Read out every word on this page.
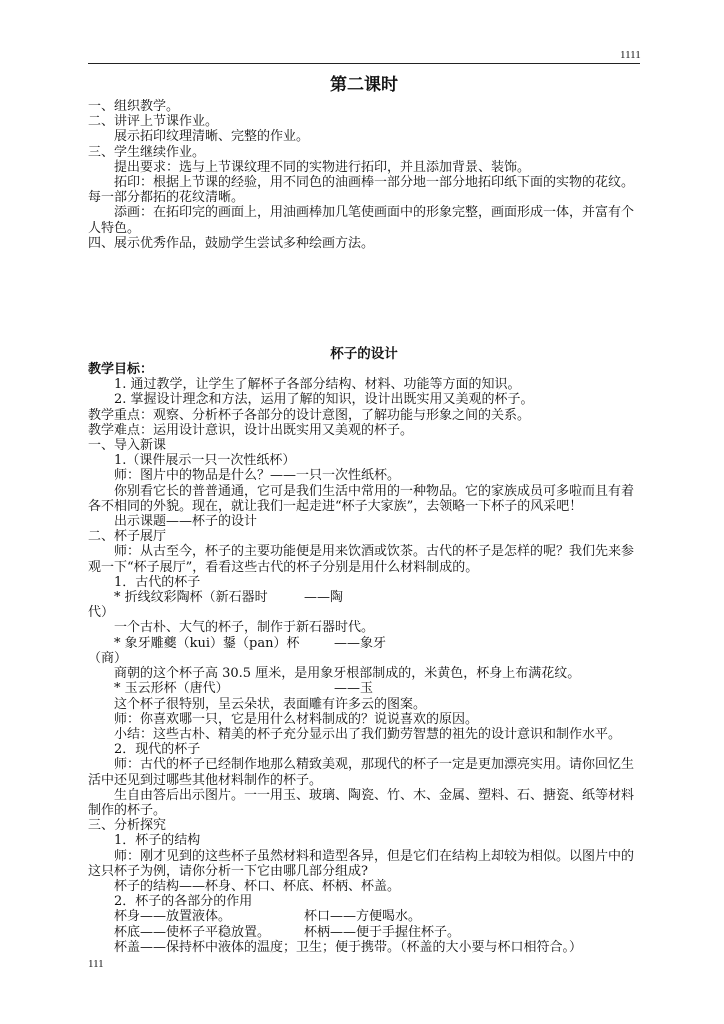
1111
第二课时

一、组织教学。

二、讲评上节课作业。

展示拓印纹理清晰、完整的作业。

三、学生继续作业。

提出要求：选与上节课纹理不同的实物进行拓印，并且添加背景、装饰。

拓印：根据上节课的经验，用不同色的油画棒一部分地一部分地拓印纸下面的实物的花纹。每一部分都拓的花纹清晰。

添画：在拓印完的画面上，用油画棒加几笔使画面中的形象完整，画面形成一体，并富有个人特色。

四、展示优秀作品，鼓励学生尝试多种绘画方法。

杯子的设计

教学目标：

1. 通过教学，让学生了解杯子各部分结构、材料、功能等方面的知识。

2. 掌握设计理念和方法，运用了解的知识，设计出既实用又美观的杯子。

教学重点：观察、分析杯子各部分的设计意图，了解功能与形象之间的关系。

教学难点：运用设计意识，设计出既实用又美观的杯子。

一、导入新课

1.（课件展示一只一次性纸杯）

师：图片中的物品是什么？——一只一次性纸杯。

你别看它长的普普通通，它可是我们生活中常用的一种物品。它的家族成员可多啦而且有着各不相同的外貌。现在，就让我们一起走进“杯子大家族”，去领略一下杯子的风采吧！

出示课题——杯子的设计

二、杯子展厅

师：从古至今，杯子的主要功能便是用来饮酒或饮茶。古代的杯子是怎样的呢？我们先来参观一下“杯子展厅”，看看这些古代的杯子分别是用什么材料制成的。

1．古代的杯子

* 折线纹彩陶杯（新石器时代）
——陶

一个古朴、大气的杯子，制作于新石器时代。

* 象牙雕夔（kui）鋬（pan）杯（商）
——象牙

商朝的这个杯子高 30.5 厘米，是用象牙根部制成的，米黄色，杯身上布满花纹。

* 玉云形杯（唐代）	——玉

这个杯子很特别，呈云朵状，表面雕有许多云的图案。

师：你喜欢哪一只，它是用什么材料制成的？说说喜欢的原因。

小结：这些古朴、精美的杯子充分显示出了我们勤劳智慧的祖先的设计意识和制作水平。

2．现代的杯子

师：古代的杯子已经制作地那么精致美观，那现代的杯子一定是更加漂亮实用。请你回忆生活中还见到过哪些其他材料制作的杯子。

生自由答后出示图片。一一用玉、玻璃、陶瓷、竹、木、金属、塑料、石、搪瓷、纸等材料制作的杯子。

三、分析探究

1．杯子的结构

师：刚才见到的这些杯子虽然材料和造型各异，但是它们在结构上却较为相似。以图片中的这只杯子为例，请你分析一下它由哪几部分组成?

杯子的结构——杯身、杯口、杯底、杯柄、杯盖。

2．杯子的各部分的作用

杯身——放置液体。	杯口——方便喝水。
杯底——使杯子平稳放置。	杯柄——便于手握住杯子。

杯盖——保持杯中液体的温度；卫生；便于携带。（杯盖的大小要与杯口相符合。）

111
